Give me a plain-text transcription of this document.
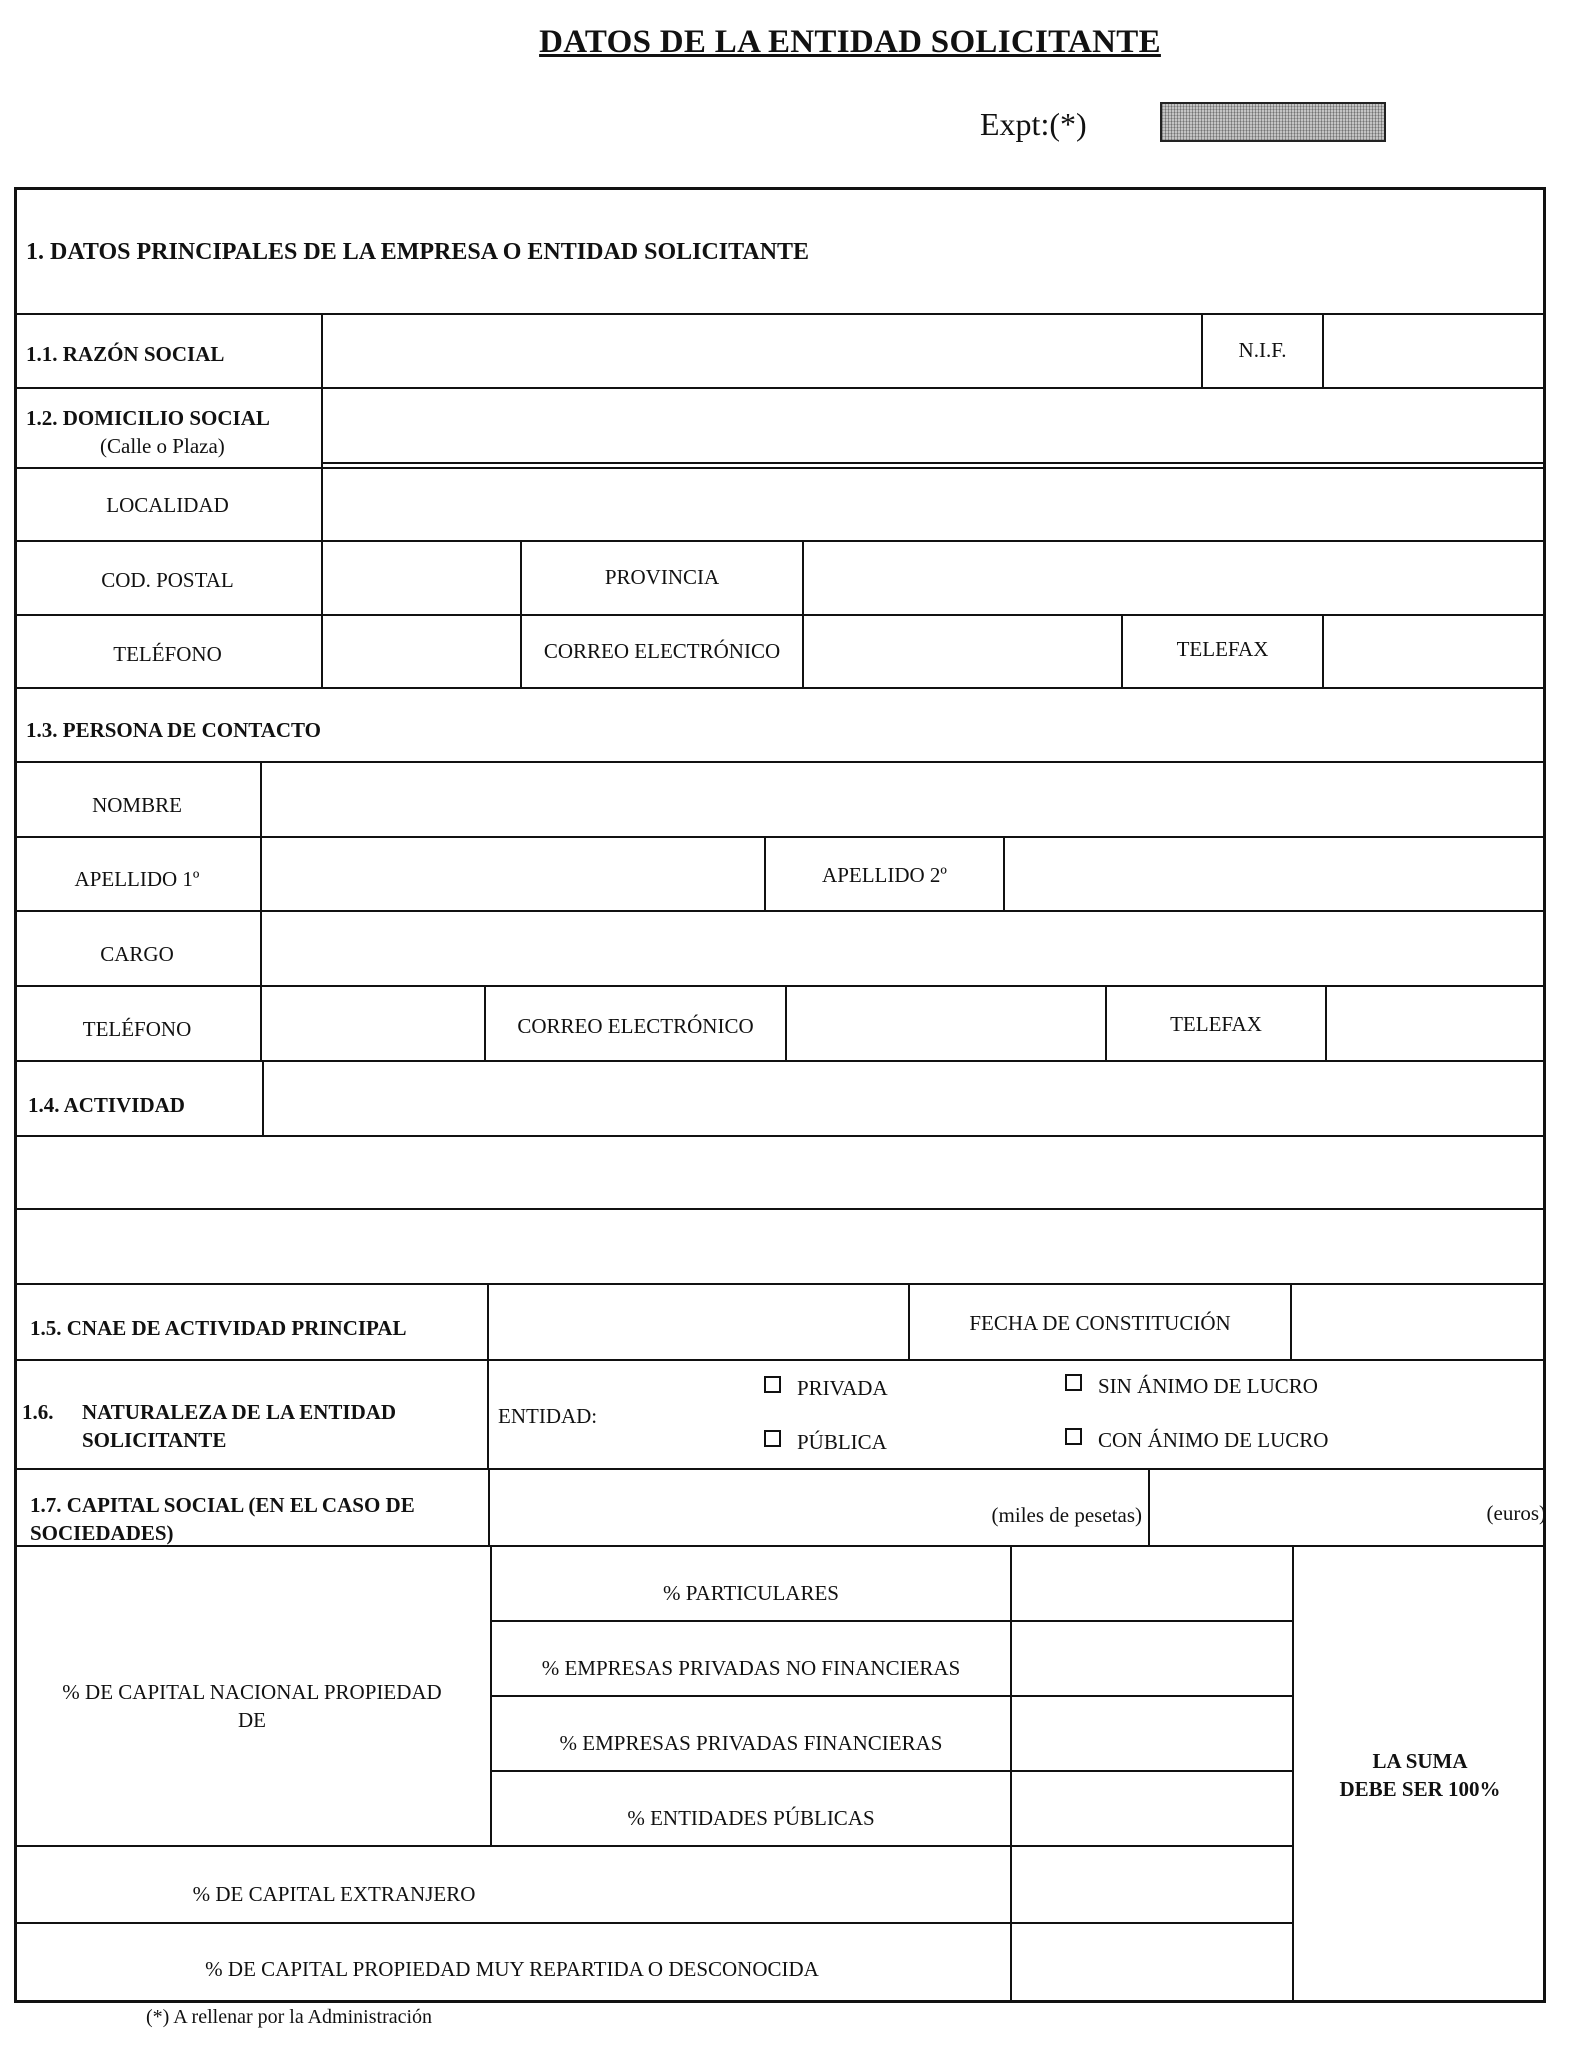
DATOS DE LA ENTIDAD SOLICITANTE
Expt:(*)
1. DATOS PRINCIPALES DE LA EMPRESA O ENTIDAD SOLICITANTE
1.1. RAZÓN SOCIAL	N.I.F.
1.2. DOMICILIO SOCIAL
(Calle o Plaza)
LOCALIDAD
COD. POSTAL	PROVINCIA
TELÉFONO	CORREO ELECTRÓNICO	TELEFAX
1.3. PERSONA DE CONTACTO
NOMBRE
APELLIDO 1º	APELLIDO 2º
CARGO
TELÉFONO	CORREO ELECTRÓNICO	TELEFAX
1.4. ACTIVIDAD
1.5. CNAE DE ACTIVIDAD PRINCIPAL	FECHA DE CONSTITUCIÓN
1.6. NATURALEZA DE LA ENTIDAD
SOLICITANTE
ENTIDAD:
PRIVADA
PÚBLICA
SIN ÁNIMO DE LUCRO
CON ÁNIMO DE LUCRO
1.7. CAPITAL SOCIAL (EN EL CASO DE
SOCIEDADES)
(miles de pesetas)	(euros)
% DE CAPITAL NACIONAL PROPIEDAD
DE
% PARTICULARES
% EMPRESAS PRIVADAS NO FINANCIERAS
% EMPRESAS PRIVADAS FINANCIERAS
% ENTIDADES PÚBLICAS
LA SUMA
DEBE SER 100%
% DE CAPITAL EXTRANJERO
% DE CAPITAL PROPIEDAD MUY REPARTIDA O DESCONOCIDA
(*) A rellenar por la Administración
